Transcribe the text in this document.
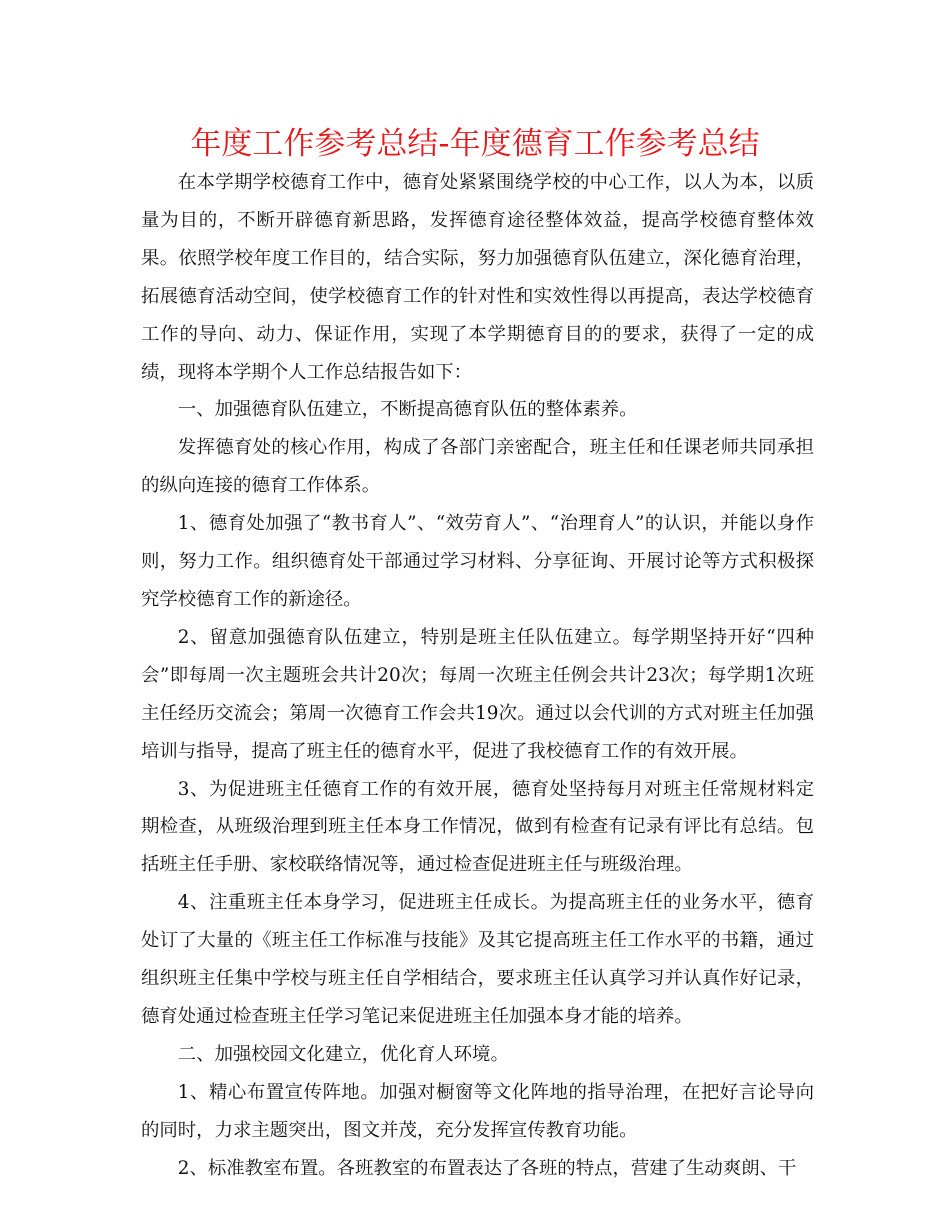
年度工作参考总结-年度德育工作参考总结

在本学期学校德育工作中，德育处紧紧围绕学校的中心工作，以人为本，以质量为目的，不断开辟德育新思路，发挥德育途径整体效益，提高学校德育整体效果。依照学校年度工作目的，结合实际，努力加强德育队伍建立，深化德育治理，拓展德育活动空间，使学校德育工作的针对性和实效性得以再提高，表达学校德育工作的导向、动力、保证作用，实现了本学期德育目的的要求，获得了一定的成绩，现将本学期个人工作总结报告如下：

一、加强德育队伍建立，不断提高德育队伍的整体素养。

发挥德育处的核心作用，构成了各部门亲密配合，班主任和任课老师共同承担的纵向连接的德育工作体系。

1、德育处加强了“教书育人”、“效劳育人”、“治理育人”的认识，并能以身作则，努力工作。组织德育处干部通过学习材料、分享征询、开展讨论等方式积极探究学校德育工作的新途径。

2、留意加强德育队伍建立，特别是班主任队伍建立。每学期坚持开好“四种会”即每周一次主题班会共计20次；每周一次班主任例会共计23次；每学期1次班主任经历交流会；第周一次德育工作会共19次。通过以会代训的方式对班主任加强培训与指导，提高了班主任的德育水平，促进了我校德育工作的有效开展。

3、为促进班主任德育工作的有效开展，德育处坚持每月对班主任常规材料定期检查，从班级治理到班主任本身工作情况，做到有检查有记录有评比有总结。包括班主任手册、家校联络情况等，通过检查促进班主任与班级治理。

4、注重班主任本身学习，促进班主任成长。为提高班主任的业务水平，德育处订了大量的《班主任工作标准与技能》及其它提高班主任工作水平的书籍，通过组织班主任集中学校与班主任自学相结合，要求班主任认真学习并认真作好记录，德育处通过检查班主任学习笔记来促进班主任加强本身才能的培养。

二、加强校园文化建立，优化育人环境。

1、精心布置宣传阵地。加强对橱窗等文化阵地的指导治理，在把好言论导向的同时，力求主题突出，图文并茂，充分发挥宣传教育功能。

2、标准教室布置。各班教室的布置表达了各班的特点，营建了生动爽朗、干
